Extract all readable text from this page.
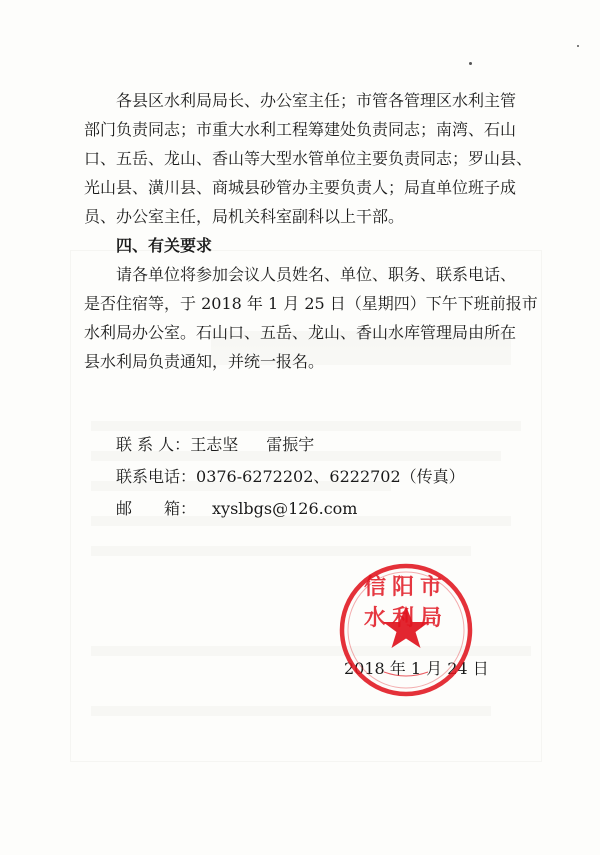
各县区水利局局长、办公室主任；市管各管理区水利主管
部门负责同志；市重大水利工程筹建处负责同志；南湾、石山
口、五岳、龙山、香山等大型水管单位主要负责同志；罗山县、
光山县、潢川县、商城县砂管办主要负责人；局直单位班子成
员、办公室主任，局机关科室副科以上干部。
四、有关要求
请各单位将参加会议人员姓名、单位、职务、联系电话、
是否住宿等，于 2018 年 1 月 25 日（星期四）下午下班前报市
水利局办公室。石山口、五岳、龙山、香山水库管理局由所在
县水利局负责通知，并统一报名。
联 系 人：王志坚 雷振宇
联系电话：0376-6272202、6222702（传真）
邮　　箱： xyslbgs@126.com
2018 年 1 月 24 日
信阳市水利局
